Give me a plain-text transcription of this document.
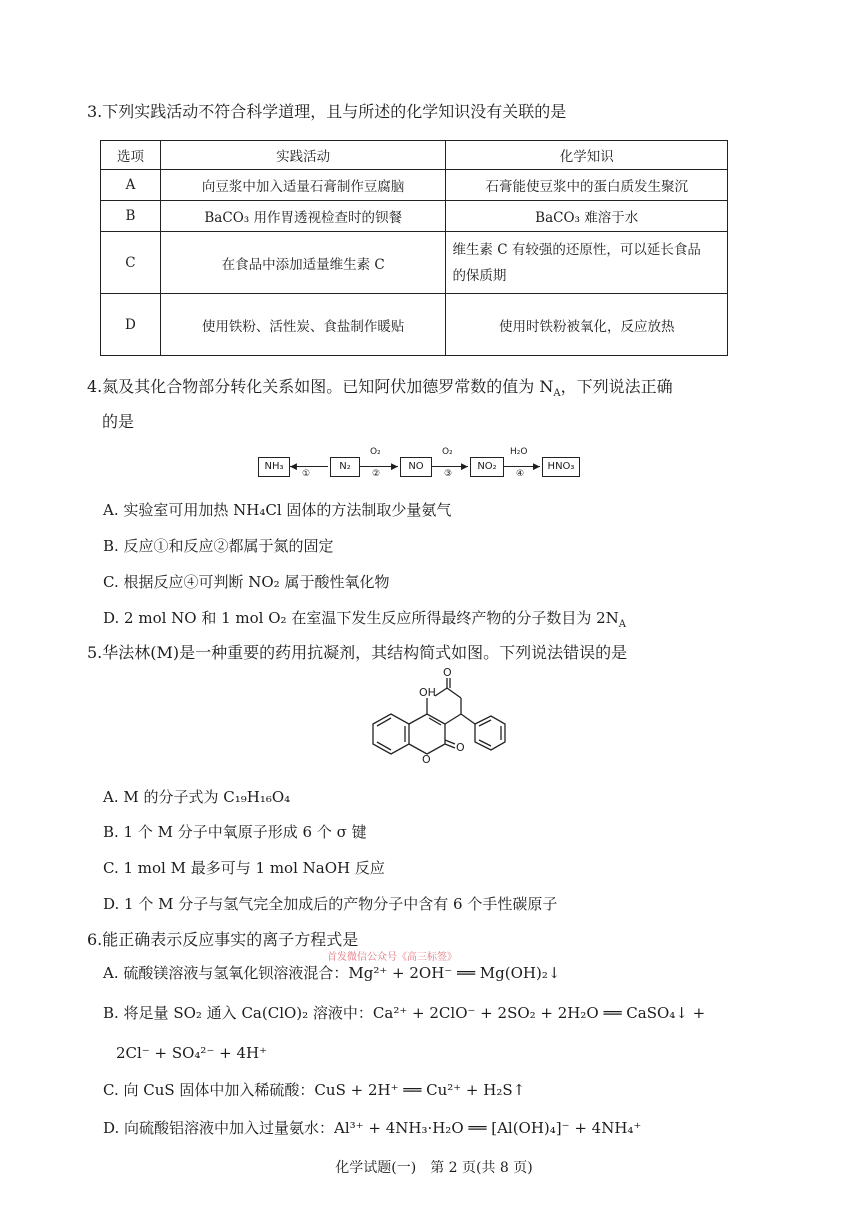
3.下列实践活动不符合科学道理，且与所述的化学知识没有关联的是
选项	实践活动	化学知识
A	向豆浆中加入适量石膏制作豆腐脑	石膏能使豆浆中的蛋白质发生聚沉
B	BaCO₃ 用作胃透视检查时的钡餐	BaCO₃ 难溶于水
C	在食品中添加适量维生素 C	维生素 C 有较强的还原性，可以延长食品
的保质期

D	使用铁粉、活性炭、食盐制作暖贴	使用时铁粉被氧化，反应放热
4.氮及其化合物部分转化关系如图。已知阿伏加德罗常数的值为 $N_A$，下列说法正确
的是
NH₃ ◀
①
N₂	▶
O₂
②
NO	▶
O₂
③
NO₂	▶
H₂O
④
HNO₃
A. 实验室可用加热 NH₄Cl 固体的方法制取少量氨气
B. 反应①和反应②都属于氮的固定
C. 根据反应④可判断 NO₂ 属于酸性氧化物
D. 2 mol NO 和 1 mol O₂ 在室温下发生反应所得最终产物的分子数目为 $2N_A$
5.华法林(M)是一种重要的药用抗凝剂，其结构简式如图。下列说法错误的是
OH
O
O
O
A. M 的分子式为 C₁₉H₁₆O₄
B. 1 个 M 分子中氧原子形成 6 个 σ 键
C. 1 mol M 最多可与 1 mol NaOH 反应
D. 1 个 M 分子与氢气完全加成后的产物分子中含有 6 个手性碳原子
6.能正确表示反应事实的离子方程式是
首发微信公众号《高三标签》
A. 硫酸镁溶液与氢氧化钡溶液混合：Mg²⁺ + 2OH⁻ ══ Mg(OH)₂↓
B. 将足量 SO₂ 通入 Ca(ClO)₂ 溶液中：Ca²⁺ + 2ClO⁻ + 2SO₂ + 2H₂O ══ CaSO₄↓ +
2Cl⁻ + SO₄²⁻ + 4H⁺
C. 向 CuS 固体中加入稀硫酸：CuS + 2H⁺ ══ Cu²⁺ + H₂S↑
D. 向硫酸铝溶液中加入过量氨水：Al³⁺ + 4NH₃·H₂O ══ [Al(OH)₄]⁻ + 4NH₄⁺
化学试题(一)　第 2 页(共 8 页)
